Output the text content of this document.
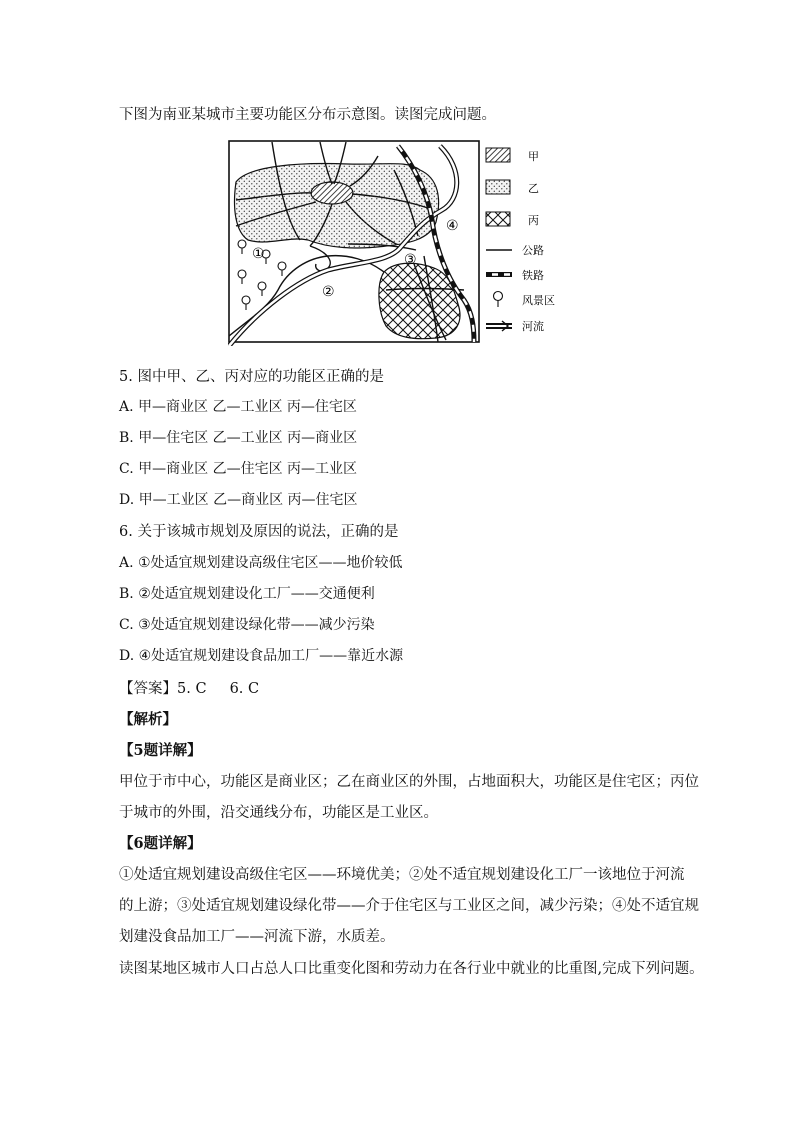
下图为南亚某城市主要功能区分布示意图。读图完成问题。
①
②
③
④
甲
乙
丙
公路
铁路
风景区
河流
5. 图中甲、乙、丙对应的功能区正确的是
A. 甲—商业区 乙—工业区 丙—住宅区
B. 甲—住宅区 乙—工业区 丙—商业区
C. 甲—商业区 乙—住宅区 丙—工业区
D. 甲—工业区 乙—商业区 丙—住宅区
6. 关于该城市规划及原因的说法，正确的是
A. ①处适宜规划建设高级住宅区——地价较低
B. ②处适宜规划建设化工厂——交通便利
C. ③处适宜规划建设绿化带——减少污染
D. ④处适宜规划建设食品加工厂——靠近水源
【答案】5. C     6. C
【解析】
【5题详解】
甲位于市中心，功能区是商业区；乙在商业区的外围，占地面积大，功能区是住宅区；丙位
于城市的外围，沿交通线分布，功能区是工业区。
【6题详解】
①处适宜规划建设高级住宅区——环境优美；②处不适宜规划建设化工厂一该地位于河流
的上游；③处适宜规划建设绿化带——介于住宅区与工业区之间，减少污染；④处不适宜规
划建没食品加工厂——河流下游，水质差。
读图某地区城市人口占总人口比重变化图和劳动力在各行业中就业的比重图,完成下列问题。
